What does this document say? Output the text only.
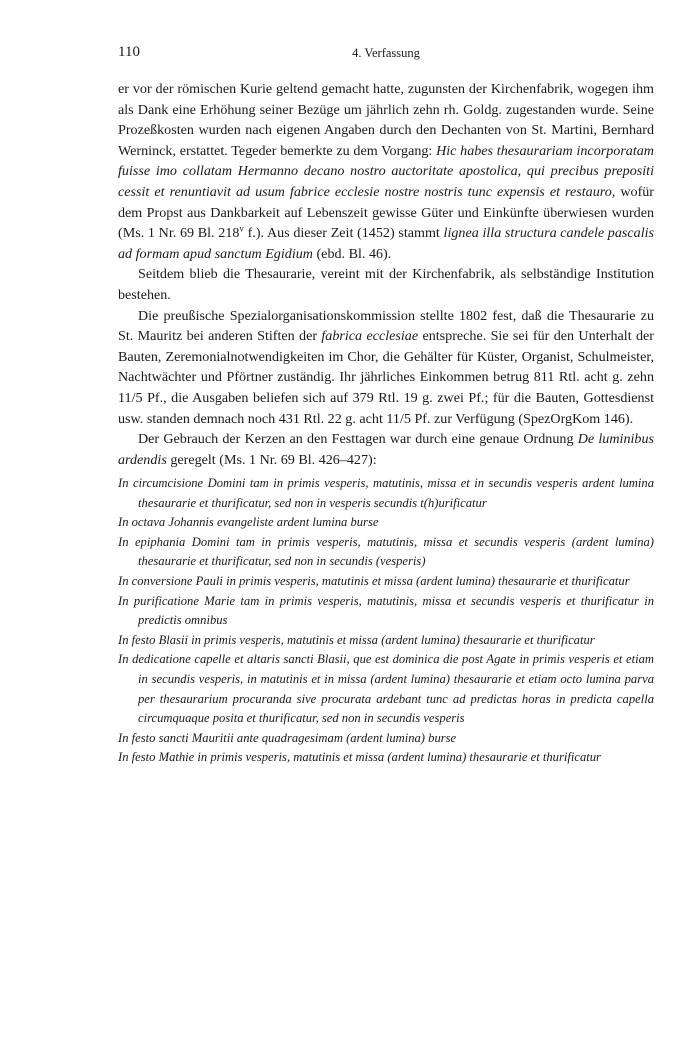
110	4. Verfassung

er vor der römischen Kurie geltend gemacht hatte, zugunsten der Kirchenfabrik, wogegen ihm als Dank eine Erhöhung seiner Bezüge um jährlich zehn rh. Goldg. zugestanden wurde. Seine Prozeßkosten wurden nach eigenen Angaben durch den Dechanten von St. Martini, Bernhard Werninck, erstattet. Tegeder bemerkte zu dem Vorgang: Hic habes thesaurariam incorporatam fuisse imo collatam Hermanno decano nostro auctoritate apostolica, qui precibus prepositi cessit et renuntiavit ad usum fabrice ecclesie nostre nostris tunc expensis et restauro, wofür dem Propst aus Dankbarkeit auf Lebenszeit gewisse Güter und Einkünfte überwiesen wurden (Ms. 1 Nr. 69 Bl. 218$^v$ f.). Aus dieser Zeit (1452) stammt lignea illa structura candele pascalis ad formam apud sanctum Egidium (ebd. Bl. 46).

Seitdem blieb die Thesaurarie, vereint mit der Kirchenfabrik, als selbständige Institution bestehen.

Die preußische Spezialorganisationskommission stellte 1802 fest, daß die Thesaurarie zu St. Mauritz bei anderen Stiften der fabrica ecclesiae entspreche. Sie sei für den Unterhalt der Bauten, Zeremonialnotwendigkeiten im Chor, die Gehälter für Küster, Organist, Schulmeister, Nachtwächter und Pförtner zuständig. Ihr jährliches Einkommen betrug 811 Rtl. acht g. zehn 11/5 Pf., die Ausgaben beliefen sich auf 379 Rtl. 19 g. zwei Pf.; für die Bauten, Gottesdienst usw. standen demnach noch 431 Rtl. 22 g. acht 11/5 Pf. zur Verfügung (SpezOrgKom 146).

Der Gebrauch der Kerzen an den Festtagen war durch eine genaue Ordnung De luminibus ardendis geregelt (Ms. 1 Nr. 69 Bl. 426–427):

In circumcisione Domini tam in primis vesperis, matutinis, missa et in secundis vesperis ardent lumina thesaurarie et thurificatur, sed non in vesperis secundis t(h)urificatur

In octava Johannis evangeliste ardent lumina burse

In epiphania Domini tam in primis vesperis, matutinis, missa et secundis vesperis (ardent lumina) thesaurarie et thurificatur, sed non in secundis (vesperis)

In conversione Pauli in primis vesperis, matutinis et missa (ardent lumina) thesaurarie et thurificatur

In purificatione Marie tam in primis vesperis, matutinis, missa et secundis vesperis et thurificatur in predictis omnibus

In festo Blasii in primis vesperis, matutinis et missa (ardent lumina) thesaurarie et thurificatur

In dedicatione capelle et altaris sancti Blasii, que est dominica die post Agate in primis vesperis et etiam in secundis vesperis, in matutinis et in missa (ardent lumina) thesaurarie et etiam octo lumina parva per thesaurarium procuranda sive procurata ardebant tunc ad predictas horas in predicta capella circumquaque posita et thurificatur, sed non in secundis vesperis

In festo sancti Mauritii ante quadragesimam (ardent lumina) burse

In festo Mathie in primis vesperis, matutinis et missa (ardent lumina) thesaurarie et thurificatur
